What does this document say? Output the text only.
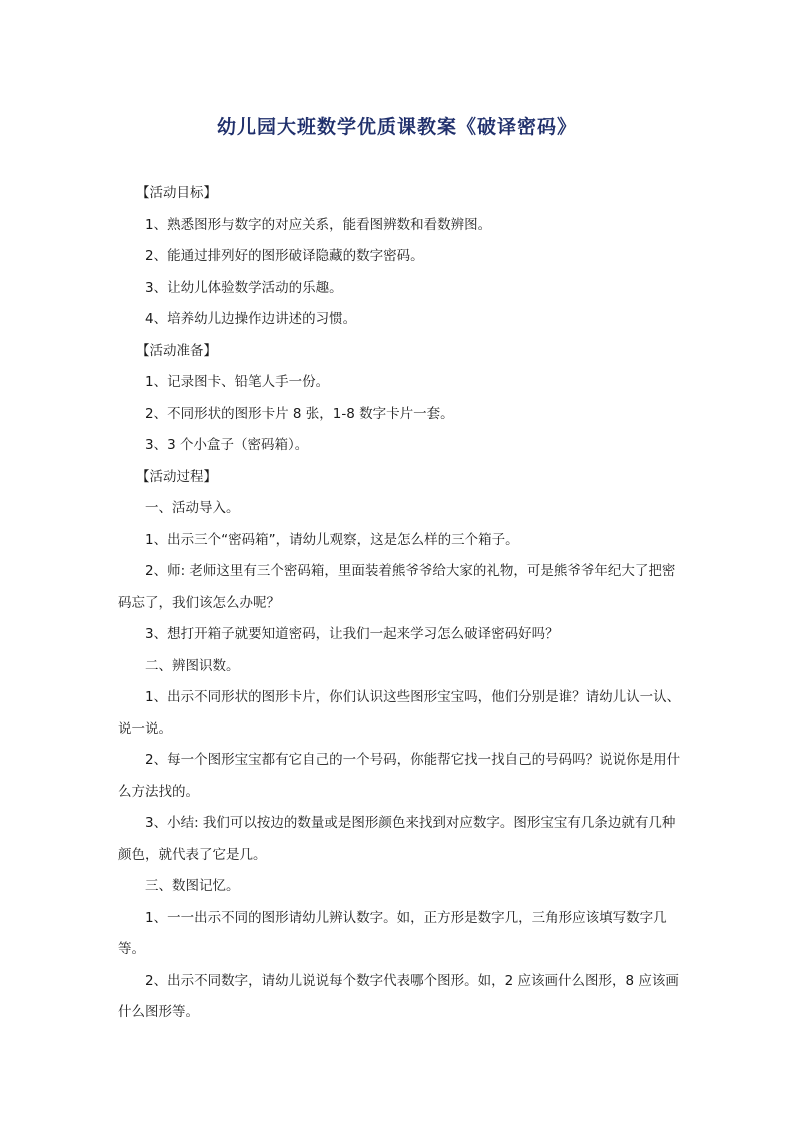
幼儿园大班数学优质课教案《破译密码》

【活动目标】

1、熟悉图形与数字的对应关系，能看图辨数和看数辨图。

2、能通过排列好的图形破译隐藏的数字密码。

3、让幼儿体验数学活动的乐趣。

4、培养幼儿边操作边讲述的习惯。

【活动准备】

1、记录图卡、铅笔人手一份。

2、不同形状的图形卡片 8 张，1-8 数字卡片一套。

3、3 个小盒子（密码箱）。

【活动过程】

一、活动导入。

1、出示三个“密码箱”，请幼儿观察，这是怎么样的三个箱子。

2、师: 老师这里有三个密码箱，里面装着熊爷爷给大家的礼物，可是熊爷爷年纪大了把密码忘了，我们该怎么办呢？

3、想打开箱子就要知道密码，让我们一起来学习怎么破译密码好吗？

二、辨图识数。

1、出示不同形状的图形卡片，你们认识这些图形宝宝吗，他们分别是谁？请幼儿认一认、说一说。

2、每一个图形宝宝都有它自己的一个号码，你能帮它找一找自己的号码吗？说说你是用什么方法找的。

3、小结: 我们可以按边的数量或是图形颜色来找到对应数字。图形宝宝有几条边就有几种颜色，就代表了它是几。

三、数图记忆。

1、一一出示不同的图形请幼儿辨认数字。如，正方形是数字几，三角形应该填写数字几等。

2、出示不同数字，请幼儿说说每个数字代表哪个图形。如，2 应该画什么图形，8 应该画什么图形等。
